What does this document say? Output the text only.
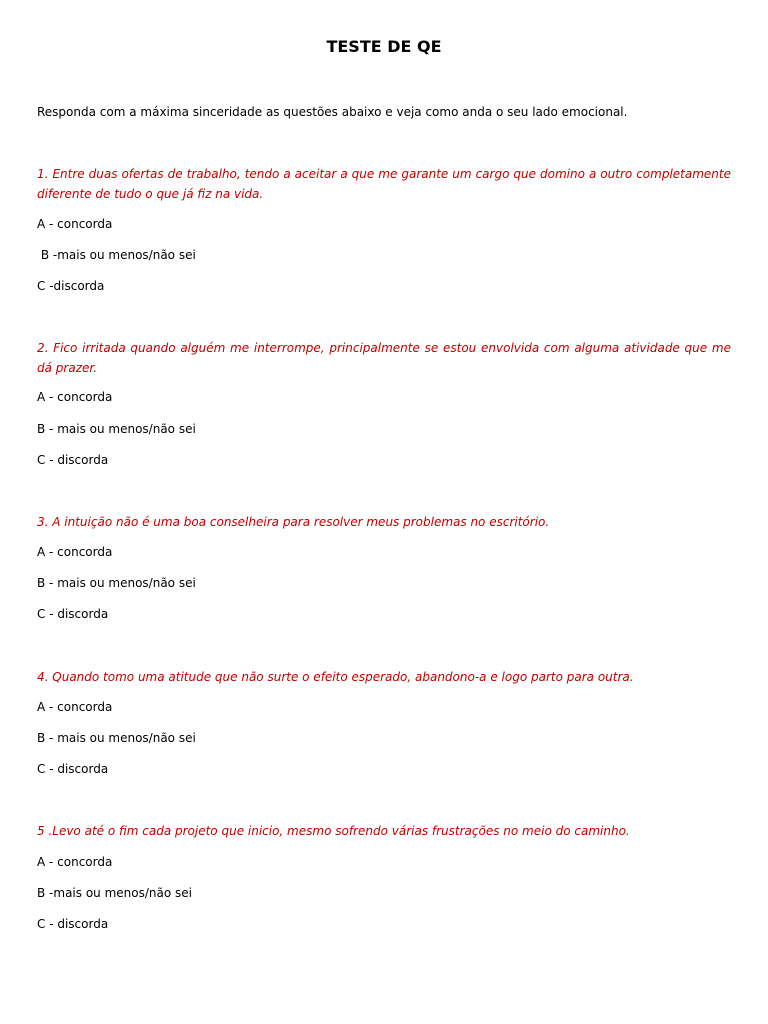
TESTE DE QE
Responda com a máxima sinceridade as questões abaixo e veja como anda o seu lado emocional.
1. Entre duas ofertas de trabalho, tendo a aceitar a que me garante um cargo que domino a outro completamente diferente de tudo o que já fiz na vida.
A - concorda
B -mais ou menos/não sei
C -discorda
2. Fico irritada quando alguém me interrompe, principalmente se estou envolvida com alguma atividade que me dá prazer.
A - concorda
B - mais ou menos/não sei
C - discorda
3. A intuição não é uma boa conselheira para resolver meus problemas no escritório.
A - concorda
B - mais ou menos/não sei
C - discorda
4. Quando tomo uma atitude que não surte o efeito esperado, abandono-a e logo parto para outra.
A - concorda
B - mais ou menos/não sei
C - discorda
5 .Levo até o fim cada projeto que inicio, mesmo sofrendo várias frustrações no meio do caminho.
A - concorda
B -mais ou menos/não sei
C - discorda
